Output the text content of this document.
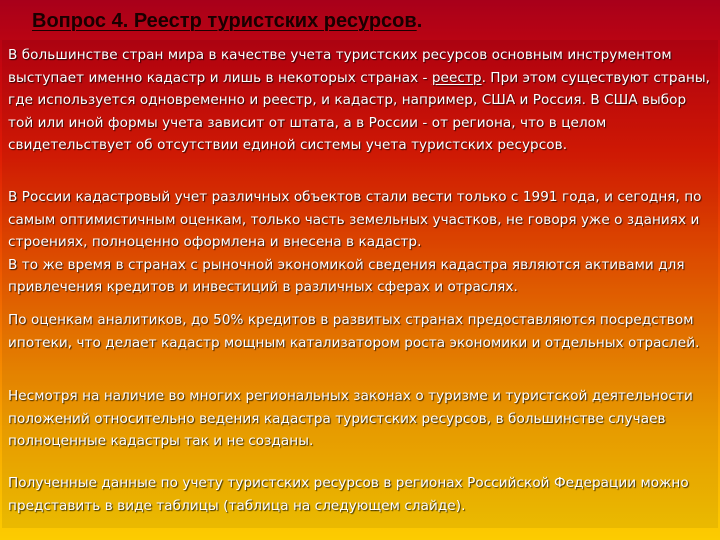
Вопрос 4. Реестр туристских ресурсов.

В большинстве стран мира в качестве учета туристских ресурсов основным инструментом выступает именно кадастр и лишь в некоторых странах - реестр. При этом существуют страны, где используется одновременно и реестр, и кадастр, например, США и Россия. В США выбор той или иной формы учета зависит от штата, а в России - от региона, что в целом свидетельствует об отсутствии единой системы учета туристских ресурсов.

В России кадастровый учет различных объектов стали вести только с 1991 года, и сегодня, по самым оптимистичным оценкам, только часть земельных участков, не говоря уже о зданиях и строениях, полноценно оформлена и внесена в кадастр.
В то же время в странах с рыночной экономикой сведения кадастра являются активами для привлечения кредитов и инвестиций в различных сферах и отраслях.

По оценкам аналитиков, до 50% кредитов в развитых странах предоставляются посредством ипотеки, что делает кадастр мощным катализатором роста экономики и отдельных отраслей.

Несмотря на наличие во многих региональных законах о туризме и туристской деятельности положений относительно ведения кадастра туристских ресурсов, в большинстве случаев полноценные кадастры так и не созданы.

Полученные данные по учету туристских ресурсов в регионах Российской Федерации можно представить в виде таблицы (таблица на следующем слайде).
